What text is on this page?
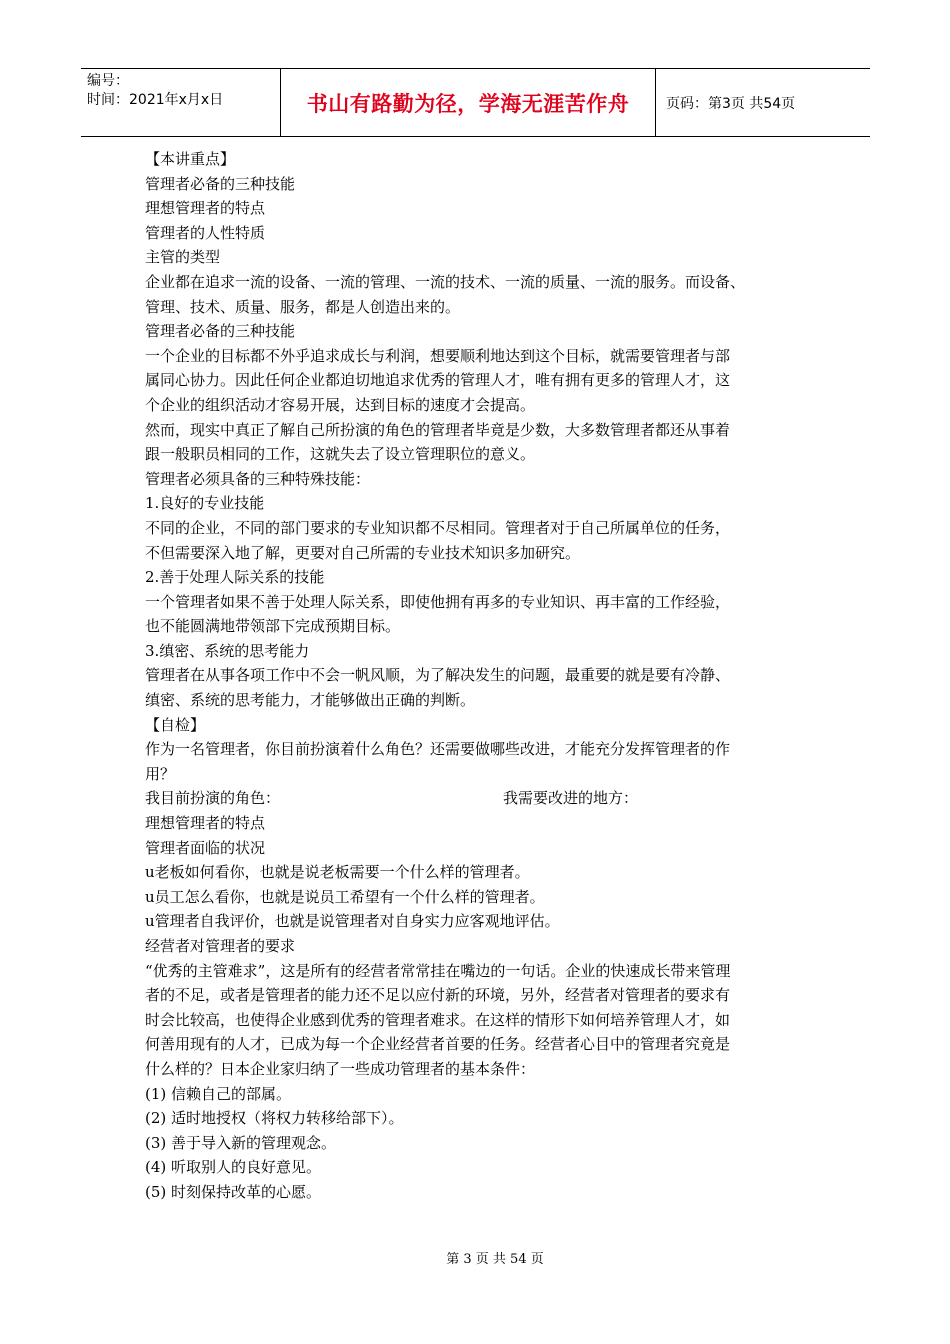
编号：
时间：2021年x月x日	书山有路勤为径，学海无涯苦作舟	页码：第3页 共54页
【本讲重点】
管理者必备的三种技能
理想管理者的特点
管理者的人性特质
主管的类型
企业都在追求一流的设备、一流的管理、一流的技术、一流的质量、一流的服务。而设备、
管理、技术、质量、服务，都是人创造出来的。
管理者必备的三种技能
一个企业的目标都不外乎追求成长与利润，想要顺利地达到这个目标，就需要管理者与部
属同心协力。因此任何企业都迫切地追求优秀的管理人才，唯有拥有更多的管理人才，这
个企业的组织活动才容易开展，达到目标的速度才会提高。
然而，现实中真正了解自己所扮演的角色的管理者毕竟是少数，大多数管理者都还从事着
跟一般职员相同的工作，这就失去了设立管理职位的意义。
管理者必须具备的三种特殊技能：
1.良好的专业技能
不同的企业，不同的部门要求的专业知识都不尽相同。管理者对于自己所属单位的任务，
不但需要深入地了解，更要对自己所需的专业技术知识多加研究。
2.善于处理人际关系的技能
一个管理者如果不善于处理人际关系，即使他拥有再多的专业知识、再丰富的工作经验，
也不能圆满地带领部下完成预期目标。
3.缜密、系统的思考能力
管理者在从事各项工作中不会一帆风顺，为了解决发生的问题，最重要的就是要有冷静、
缜密、系统的思考能力，才能够做出正确的判断。
【自检】
作为一名管理者，你目前扮演着什么角色？还需要做哪些改进，才能充分发挥管理者的作
用？
我目前扮演的角色：	我需要改进的地方：
理想管理者的特点
管理者面临的状况
u老板如何看你，也就是说老板需要一个什么样的管理者。
u员工怎么看你，也就是说员工希望有一个什么样的管理者。
u管理者自我评价，也就是说管理者对自身实力应客观地评估。
经营者对管理者的要求
“优秀的主管难求”，这是所有的经营者常常挂在嘴边的一句话。企业的快速成长带来管理
者的不足，或者是管理者的能力还不足以应付新的环境，另外，经营者对管理者的要求有
时会比较高，也使得企业感到优秀的管理者难求。在这样的情形下如何培养管理人才，如
何善用现有的人才，已成为每一个企业经营者首要的任务。经营者心目中的管理者究竟是
什么样的？日本企业家归纳了一些成功管理者的基本条件：
(1) 信赖自己的部属。
(2) 适时地授权（将权力转移给部下）。
(3) 善于导入新的管理观念。
(4) 听取别人的良好意见。
(5) 时刻保持改革的心愿。
第 3 页 共 54 页
